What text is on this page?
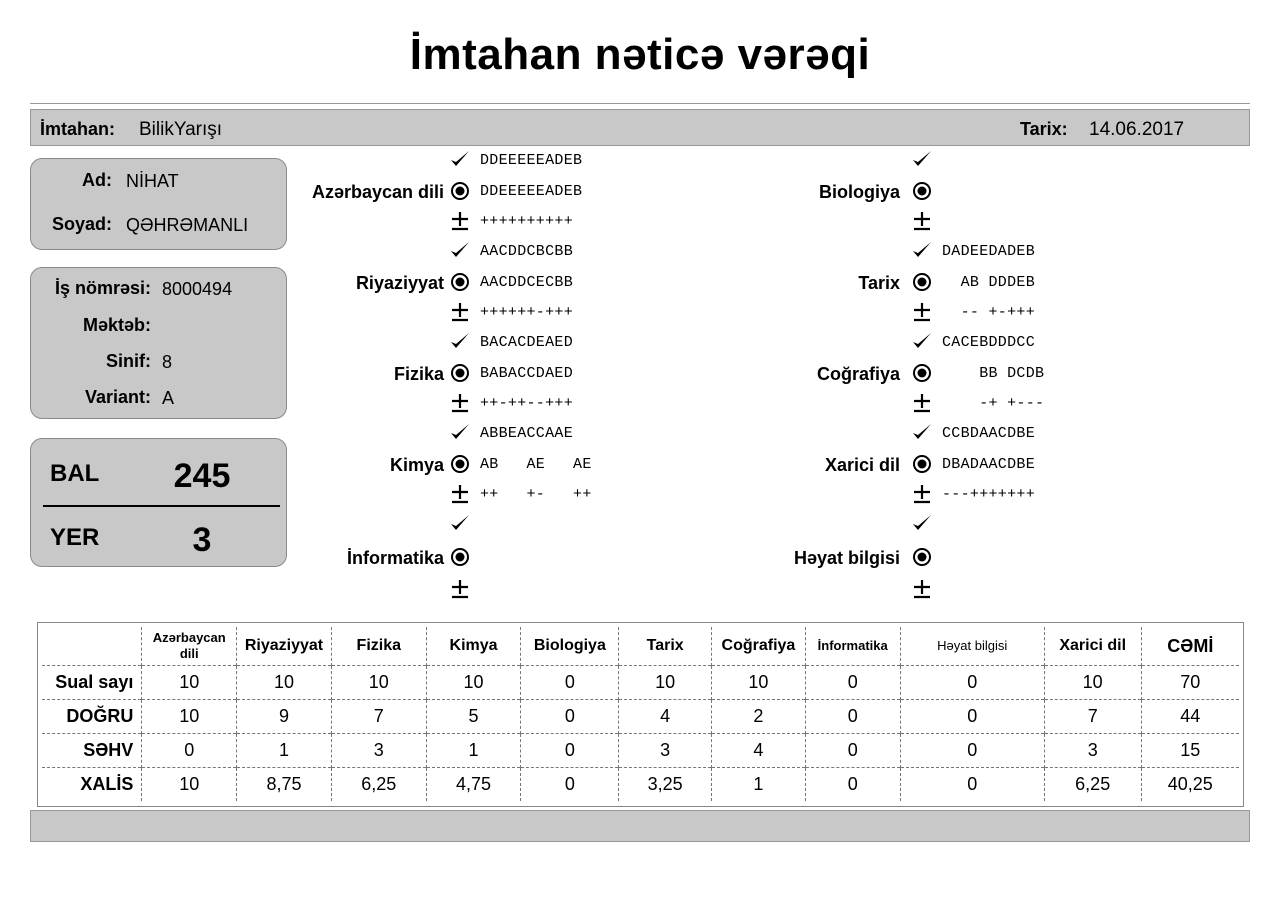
İmtahan nəticə vərəqi
İmtahan: BilikYarışı	Tarix: 14.06.2017
Ad: NİHAT
Soyad: QƏHRƏMANLI
İş nömrəsi: 8000494
Məktəb:
Sinif: 8
Variant: A
BAL	245
YER	3
Azərbaycan dili
DDEEEEEADEB
DDEEEEEADEB
++++++++++
Riyaziyyat
AACDDCBCBB
AACDDCECBB
++++++-+++
Fizika
BACACDEAED
BABACCDAED
++-++--+++
Kimya
ABBEACCAAE
AB   AE   AE
++   +-   ++
İnformatika
Biologiya
Tarix
DADEEDADEB
AB DDDEB
-- +-+++
Coğrafiya
CACEBDDDCC
BB DCDB
-+ +---
Xarici dil
CCBDAACDBE
DBADAACDBE
---+++++++
Həyat bilgisi
	Azərbaycan dili	Riyaziyyat	Fizika	Kimya	Biologiya	Tarix	Coğrafiya	İnformatika	Həyat bilgisi	Xarici dil	CƏMİ
Sual sayı	10	10	10	10	0	10	10	0	0	10	70
DOĞRU	10	9	7	5	0	4	2	0	0	7	44
SƏHV	0	1	3	1	0	3	4	0	0	3	15
XALİS	10	8,75	6,25	4,75	0	3,25	1	0	0	6,25	40,25
